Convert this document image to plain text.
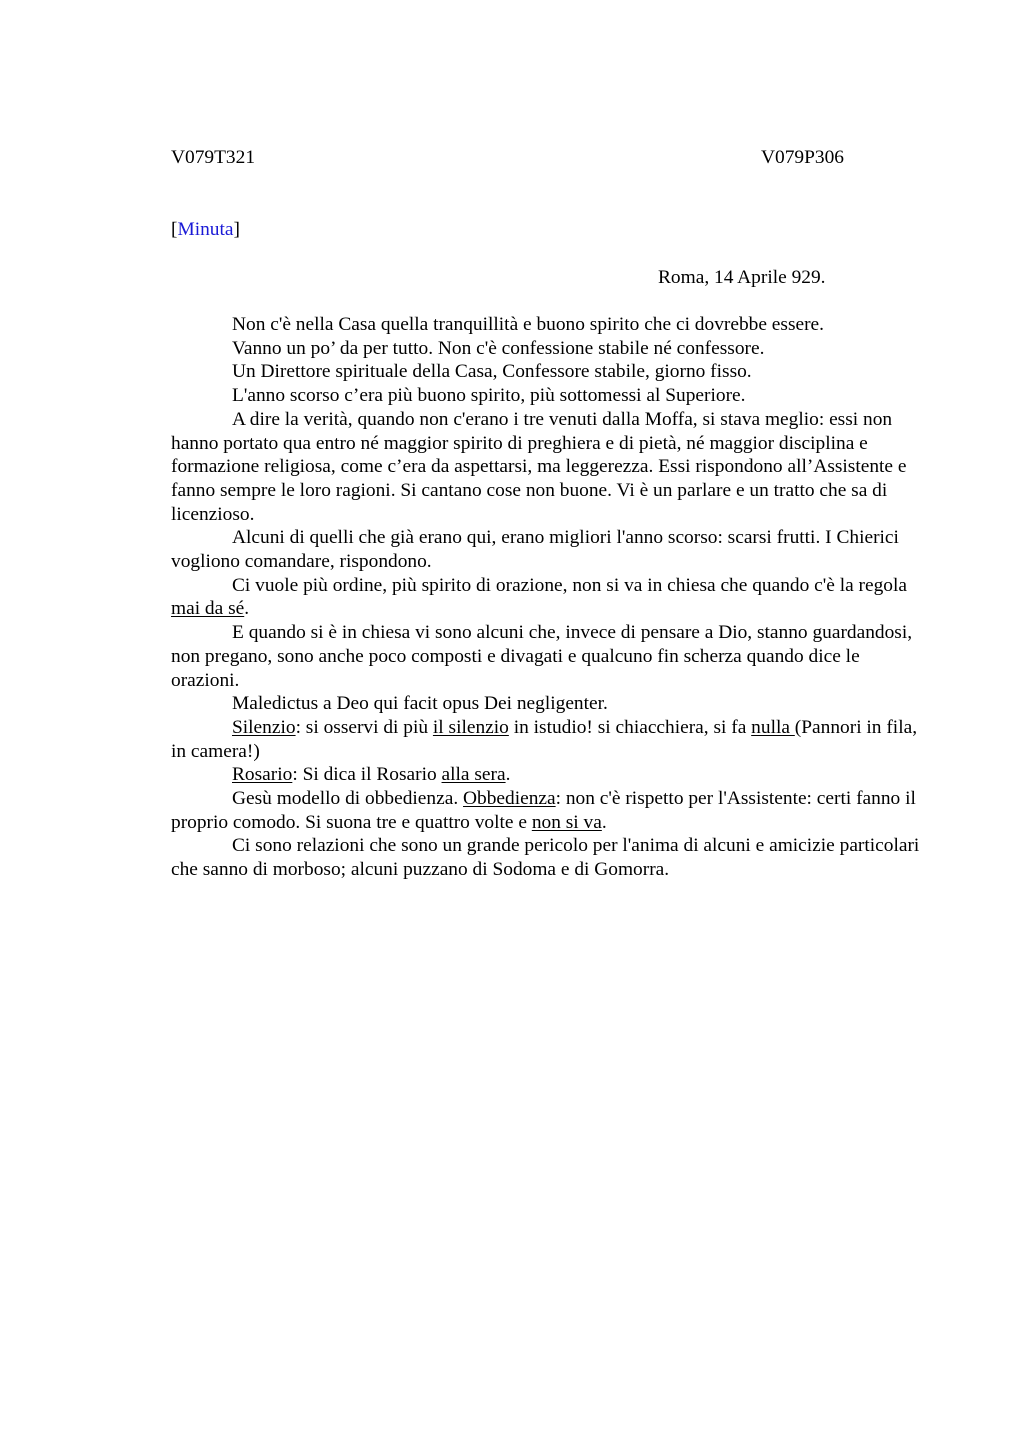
V079T321	V079P306
[Minuta]
Roma, 14 Aprile 929.

Non c'è nella Casa quella tranquillità e buono spirito che ci dovrebbe essere.

Vanno un po’ da per tutto. Non c'è confessione stabile né confessore.

Un Direttore spirituale della Casa, Confessore stabile, giorno fisso.

L'anno scorso c’era più buono spirito, più sottomessi al Superiore.

A dire la verità, quando non c'erano i tre venuti dalla Moffa, si stava meglio: essi non hanno portato qua entro né maggior spirito di preghiera e di pietà, né maggior disciplina e formazione religiosa, come c’era da aspettarsi, ma leggerezza. Essi rispondono all’Assistente e fanno sempre le loro ragioni. Si cantano cose non buone. Vi è un parlare e un tratto che sa di licenzioso.

Alcuni di quelli che già erano qui, erano migliori l'anno scorso: scarsi frutti. I Chierici vogliono comandare, rispondono.

Ci vuole più ordine, più spirito di orazione, non si va in chiesa che quando c'è la regola mai da sé.

E quando si è in chiesa vi sono alcuni che, invece di pensare a Dio, stanno guardandosi, non pregano, sono anche poco composti e divagati e qualcuno fin scherza quando dice le orazioni.

Maledictus a Deo qui facit opus Dei negligenter.

Silenzio: si osservi di più il silenzio in istudio! si chiacchiera, si fa nulla (Pannori in fila, in camera!)

Rosario: Si dica il Rosario alla sera.

Gesù modello di obbedienza. Obbedienza: non c'è rispetto per l'Assistente: certi fanno il proprio comodo. Si suona tre e quattro volte e non si va.

Ci sono relazioni che sono un grande pericolo per l'anima di alcuni e amicizie particolari che sanno di morboso; alcuni puzzano di Sodoma e di Gomorra.
